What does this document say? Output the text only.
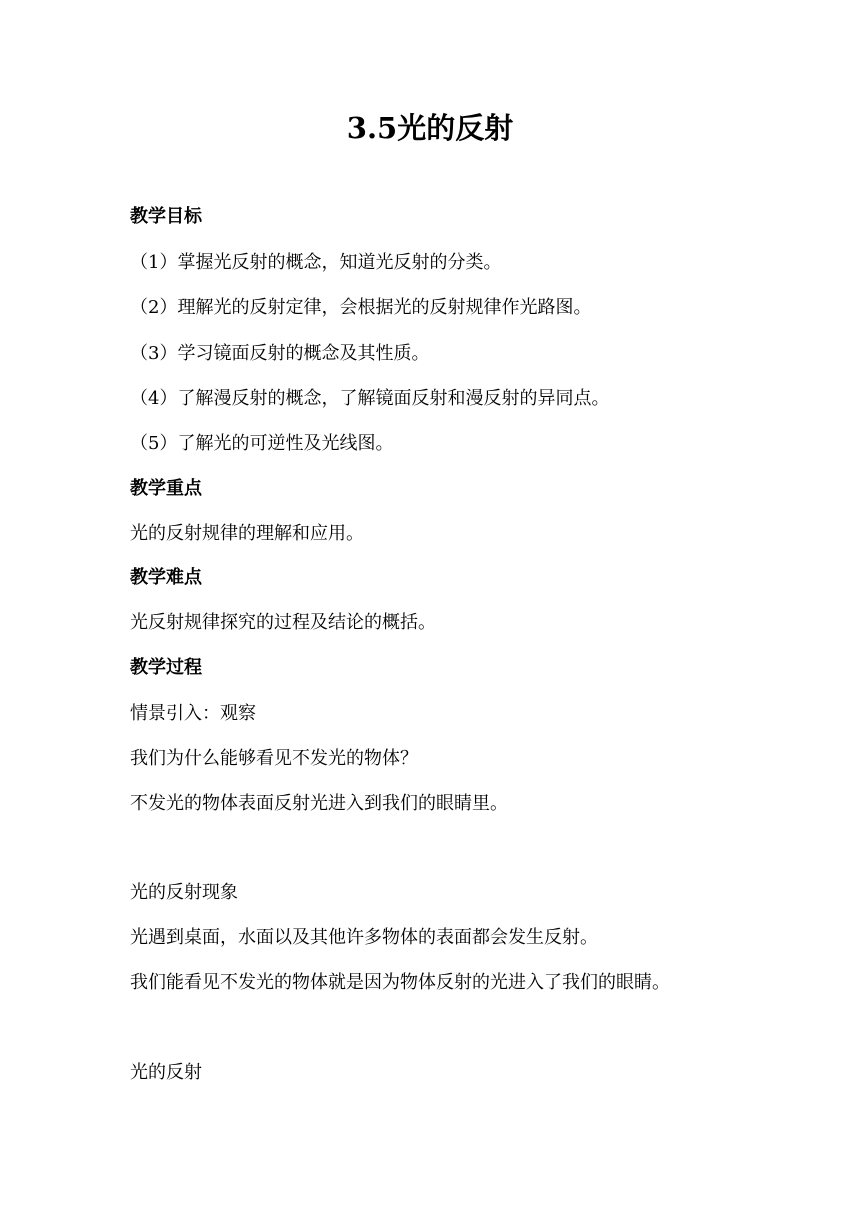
3.5光的反射
教学目标
（1）掌握光反射的概念，知道光反射的分类。
（2）理解光的反射定律，会根据光的反射规律作光路图。
（3）学习镜面反射的概念及其性质。
（4）了解漫反射的概念，了解镜面反射和漫反射的异同点。
（5）了解光的可逆性及光线图。
教学重点
光的反射规律的理解和应用。
教学难点
光反射规律探究的过程及结论的概括。
教学过程
情景引入：观察
我们为什么能够看见不发光的物体？
不发光的物体表面反射光进入到我们的眼睛里。
光的反射现象
光遇到桌面，水面以及其他许多物体的表面都会发生反射。
我们能看见不发光的物体就是因为物体反射的光进入了我们的眼睛。
光的反射
